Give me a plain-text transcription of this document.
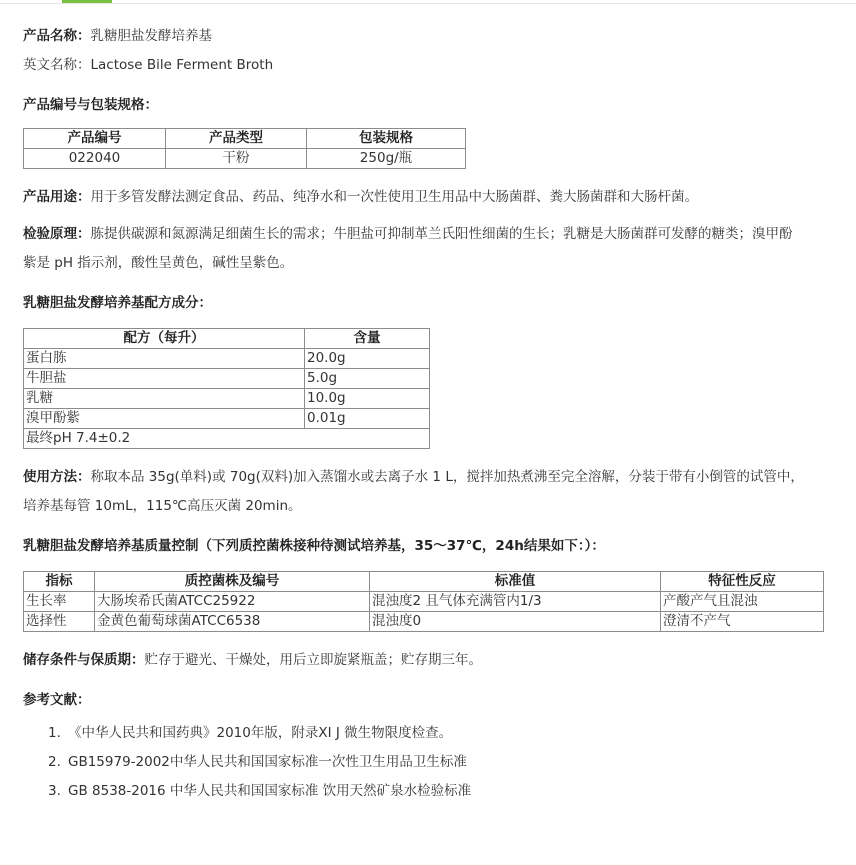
产品名称：乳糖胆盐发酵培养基

英文名称：Lactose Bile Ferment Broth

产品编号与包装规格：

产品编号	产品类型	包装规格
022040	干粉	250g/瓶

产品用途：用于多管发酵法测定食品、药品、纯净水和一次性使用卫生用品中大肠菌群、粪大肠菌群和大肠杆菌。

检验原理：胨提供碳源和氮源满足细菌生长的需求；牛胆盐可抑制革兰氏阳性细菌的生长；乳糖是大肠菌群可发酵的糖类；溴甲酚

紫是 pH 指示剂，酸性呈黄色，碱性呈紫色。

乳糖胆盐发酵培养基配方成分：

配方（每升）	含量
蛋白胨	20.0g
牛胆盐	5.0g
乳糖	10.0g
溴甲酚紫	0.01g
最终pH 7.4±0.2	

使用方法：称取本品 35g(单料)或 70g(双料)加入蒸馏水或去离子水 1 L，搅拌加热煮沸至完全溶解，分装于带有小倒管的试管中，

培养基每管 10mL，115℃高压灭菌 20min。

乳糖胆盐发酵培养基质量控制（下列质控菌株接种待测试培养基，35～37℃，24h结果如下：）：

指标	质控菌株及编号	标准值	特征性反应
生长率	大肠埃希氏菌ATCC25922	混浊度2 且气体充满管内1/3	产酸产气且混浊
选择性	金黄色葡萄球菌ATCC6538	混浊度0	澄清不产气

储存条件与保质期：贮存于避光、干燥处，用后立即旋紧瓶盖；贮存期三年。

参考文献：

1. 《中华人民共和国药典》2010年版，附录XI J 微生物限度检查。
2. GB15979-2002中华人民共和国国家标准一次性卫生用品卫生标准
3. GB 8538-2016 中华人民共和国国家标准 饮用天然矿泉水检验标准
